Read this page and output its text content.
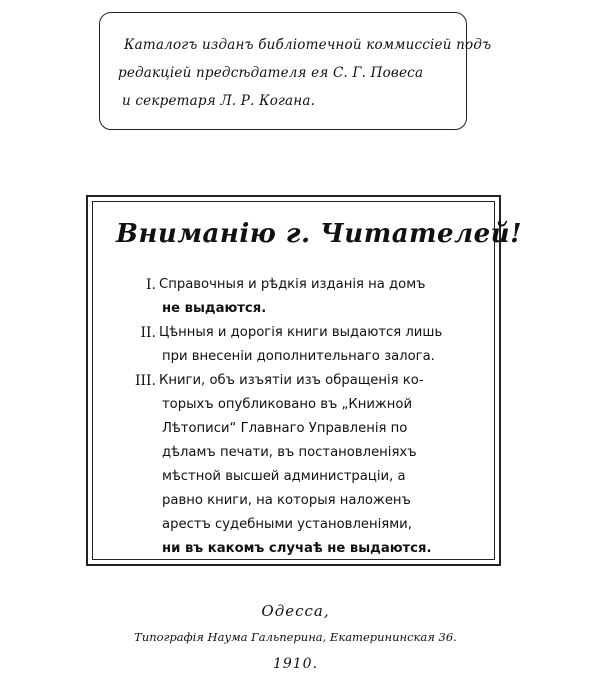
Каталогъ изданъ библiотечной коммиссiей подъ

редакцiей предсѣдателя ея С. Г. Повеса

и секретаря Л. Р. Когана.

Вниманiю г. Читателей!
I. Справочныя и рѣдкiя изданiя на домъ
не выдаются.
II. Цѣнныя и дорогiя книги выдаются лишь
при внесенiи дополнительнаго залога.
III. Книги, объ изъятiи изъ обращенiя ко-
торыхъ опубликовано въ „Книжной
Лѣтописи“ Главнаго Управленiя по
дѣламъ печати, въ постановленiяхъ
мѣстной высшей администрацiи, а
равно книги, на которыя наложенъ
арестъ судебными установленiями,
ни въ какомъ случаѣ не выдаются.

Одесса,

Типографiя Наума Гальперина, Екатерининская 36.

1910.
